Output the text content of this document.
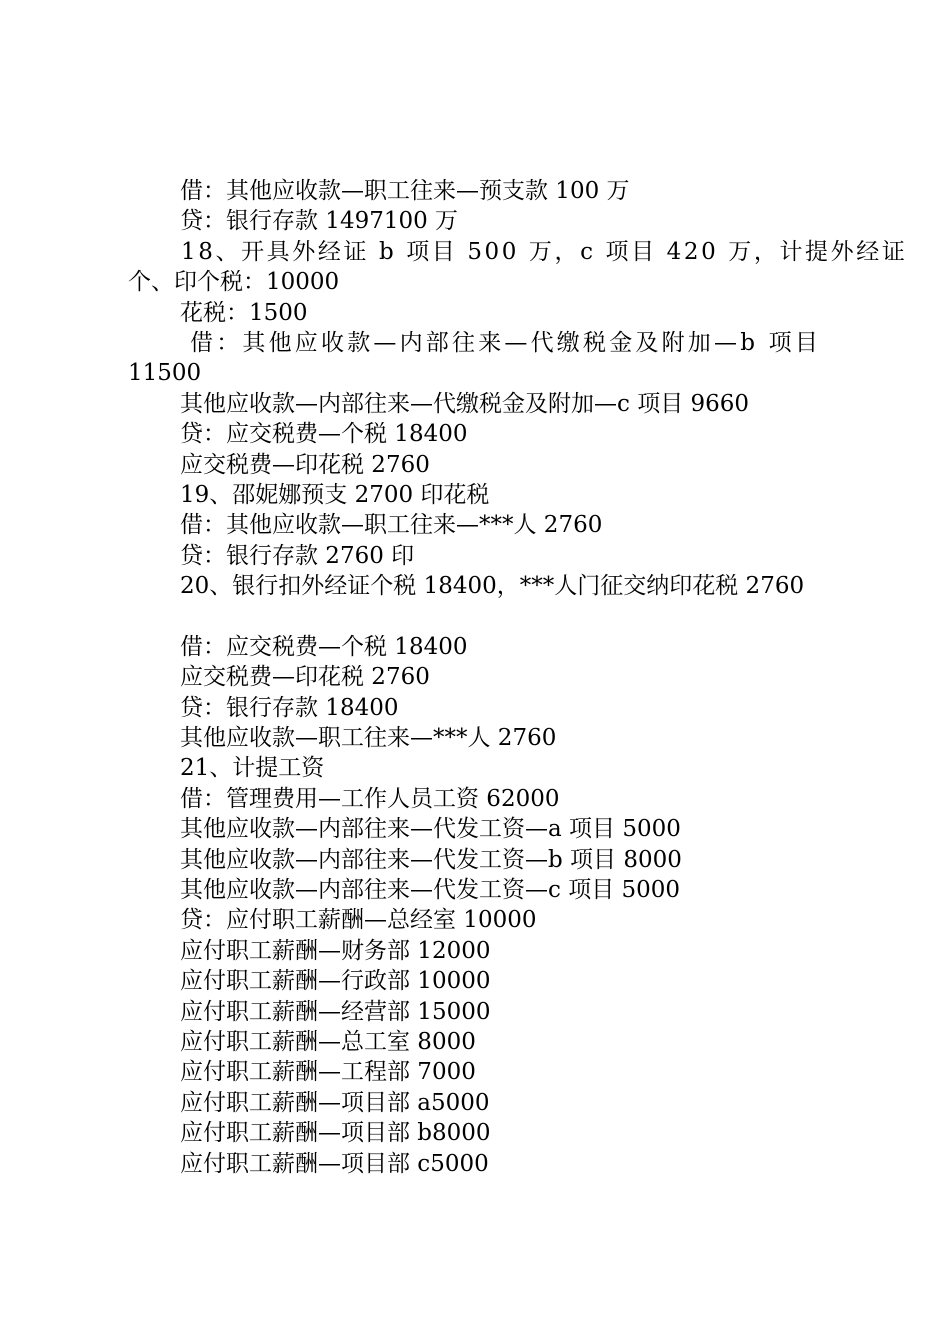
借：其他应收款—职工往来—预支款 100 万
贷：银行存款 1497100 万
18、开具外经证 b 项目 500 万，c 项目 420 万，计提外经证
个、印个税：10000
花税：1500
借：其他应收款—内部往来—代缴税金及附加—b 项目
11500
其他应收款—内部往来—代缴税金及附加—c 项目 9660
贷：应交税费—个税 18400
应交税费—印花税 2760
19、邵妮娜预支 2700 印花税
借：其他应收款—职工往来—***人 2760
贷：银行存款 2760 印
20、银行扣外经证个税 18400，***人门征交纳印花税 2760
借：应交税费—个税 18400
应交税费—印花税 2760
贷：银行存款 18400
其他应收款—职工往来—***人 2760
21、计提工资
借：管理费用—工作人员工资 62000
其他应收款—内部往来—代发工资—a 项目 5000
其他应收款—内部往来—代发工资—b 项目 8000
其他应收款—内部往来—代发工资—c 项目 5000
贷：应付职工薪酬—总经室 10000
应付职工薪酬—财务部 12000
应付职工薪酬—行政部 10000
应付职工薪酬—经营部 15000
应付职工薪酬—总工室 8000
应付职工薪酬—工程部 7000
应付职工薪酬—项目部 a5000
应付职工薪酬—项目部 b8000
应付职工薪酬—项目部 c5000
